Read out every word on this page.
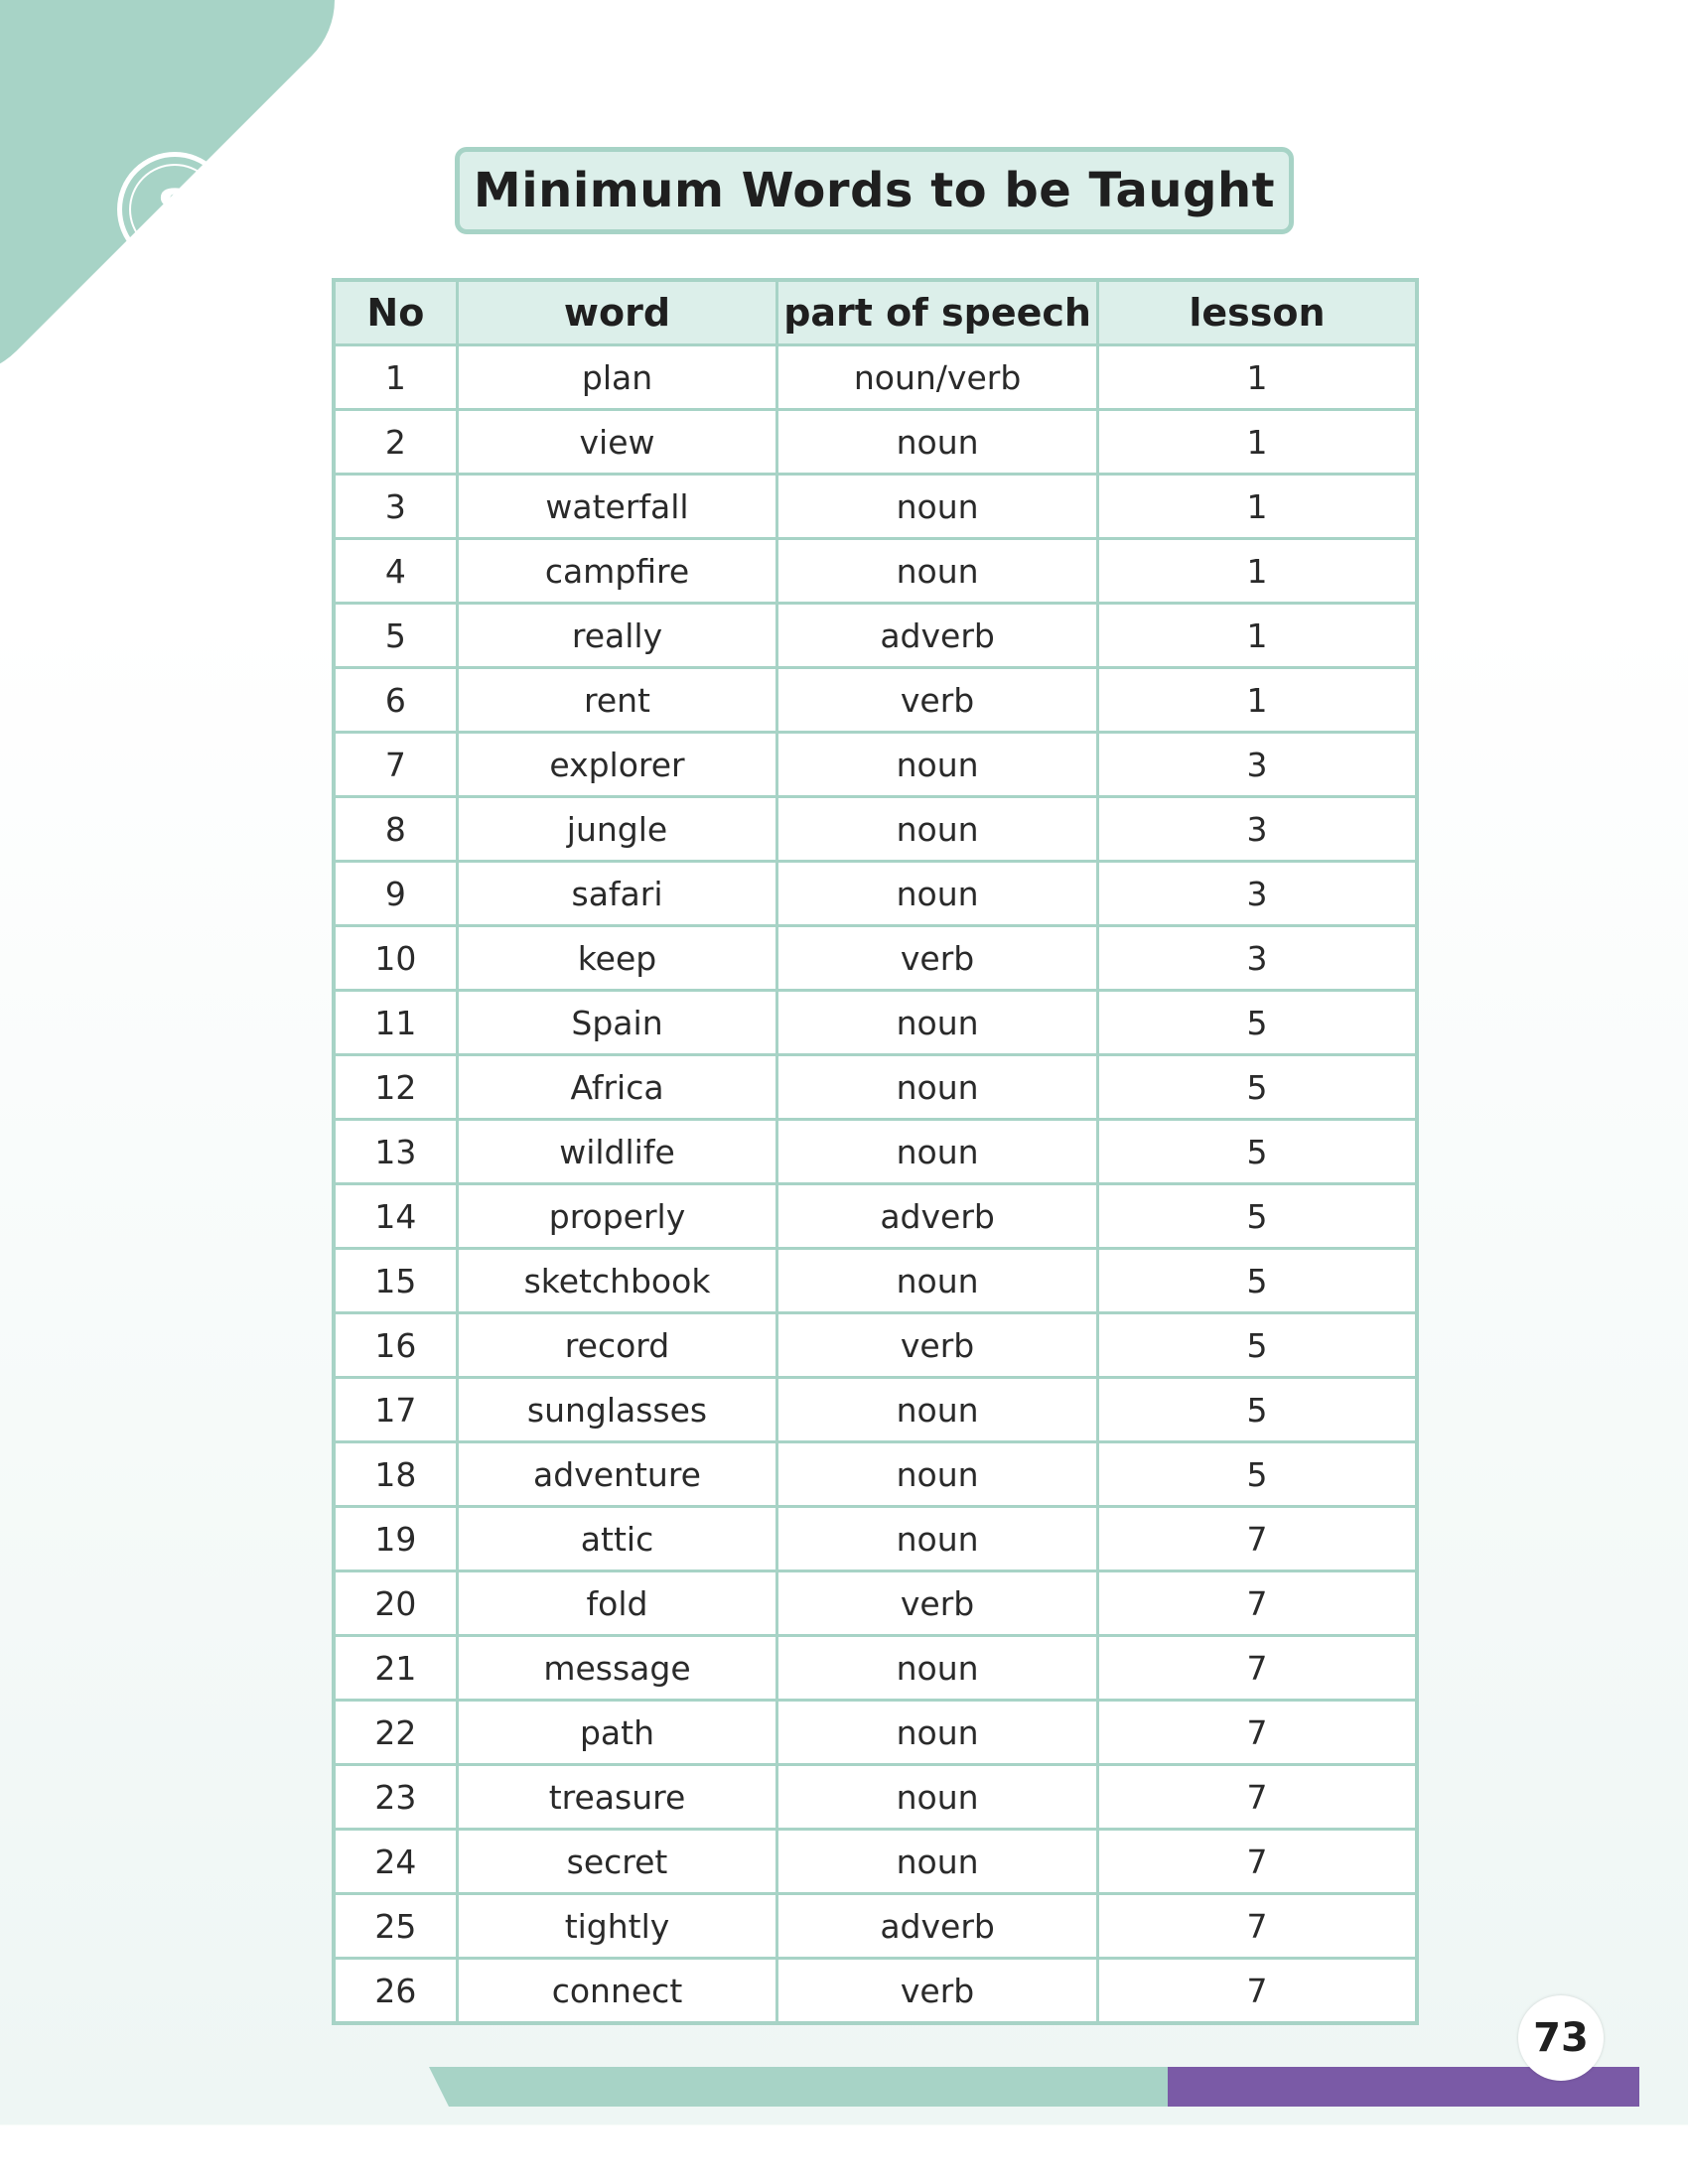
8	Minimum Words to be Taught
No	word	part of speech	lesson
1	plan	noun/verb	1
2	view	noun	1
3	waterfall	noun	1
4	campfire	noun	1
5	really	adverb	1
6	rent	verb	1
7	explorer	noun	3
8	jungle	noun	3
9	safari	noun	3
10	keep	verb	3
11	Spain	noun	5
12	Africa	noun	5
13	wildlife	noun	5
14	properly	adverb	5
15	sketchbook	noun	5
16	record	verb	5
17	sunglasses	noun	5
18	adventure	noun	5
19	attic	noun	7
20	fold	verb	7
21	message	noun	7
22	path	noun	7
23	treasure	noun	7
24	secret	noun	7
25	tightly	adverb	7
26	connect	verb	7
73
